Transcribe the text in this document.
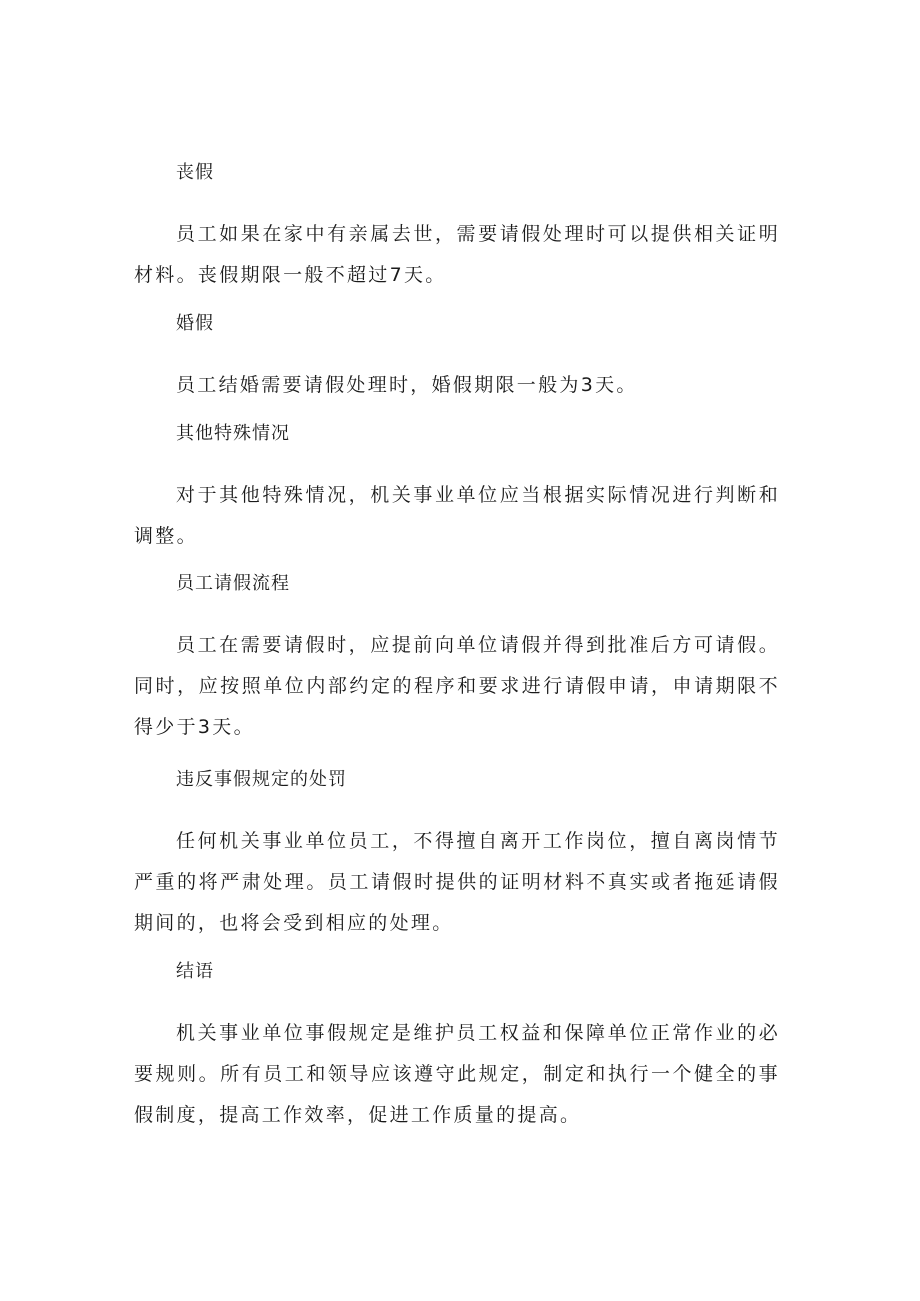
丧假

员工如果在家中有亲属去世，需要请假处理时可以提供相关证明材料。丧假期限一般不超过7天。

婚假

员工结婚需要请假处理时，婚假期限一般为3天。

其他特殊情况

对于其他特殊情况，机关事业单位应当根据实际情况进行判断和调整。

员工请假流程

员工在需要请假时，应提前向单位请假并得到批准后方可请假。同时，应按照单位内部约定的程序和要求进行请假申请，申请期限不得少于3天。

违反事假规定的处罚

任何机关事业单位员工，不得擅自离开工作岗位，擅自离岗情节严重的将严肃处理。员工请假时提供的证明材料不真实或者拖延请假期间的，也将会受到相应的处理。

结语

机关事业单位事假规定是维护员工权益和保障单位正常作业的必要规则。所有员工和领导应该遵守此规定，制定和执行一个健全的事假制度，提高工作效率，促进工作质量的提高。
